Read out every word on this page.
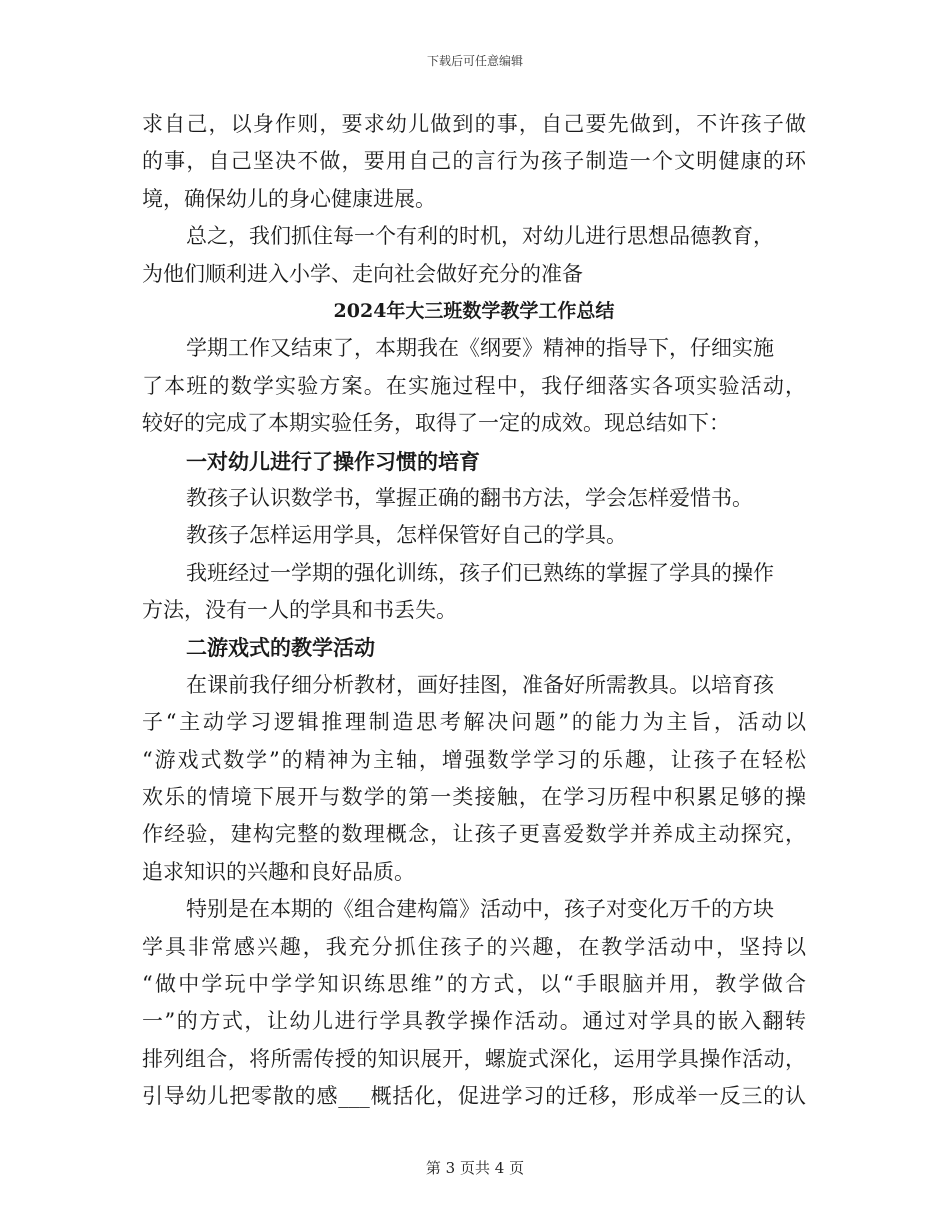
下载后可任意编辑
求自己，以身作则，要求幼儿做到的事，自己要先做到，不许孩子做
的事，自己坚决不做，要用自己的言行为孩子制造一个文明健康的环
境，确保幼儿的身心健康进展。
总之，我们抓住每一个有利的时机，对幼儿进行思想品德教育，
为他们顺利进入小学、走向社会做好充分的准备
2024年大三班数学教学工作总结
学期工作又结束了，本期我在《纲要》精神的指导下，仔细实施
了本班的数学实验方案。在实施过程中，我仔细落实各项实验活动，
较好的完成了本期实验任务，取得了一定的成效。现总结如下：
一对幼儿进行了操作习惯的培育
教孩子认识数学书，掌握正确的翻书方法，学会怎样爱惜书。
教孩子怎样运用学具，怎样保管好自己的学具。
我班经过一学期的强化训练，孩子们已熟练的掌握了学具的操作
方法，没有一人的学具和书丢失。
二游戏式的教学活动
在课前我仔细分析教材，画好挂图，准备好所需教具。以培育孩
子“主动学习逻辑推理制造思考解决问题”的能力为主旨，活动以
“游戏式数学”的精神为主轴，增强数学学习的乐趣，让孩子在轻松
欢乐的情境下展开与数学的第一类接触，在学习历程中积累足够的操
作经验，建构完整的数理概念，让孩子更喜爱数学并养成主动探究，
追求知识的兴趣和良好品质。
特别是在本期的《组合建构篇》活动中，孩子对变化万千的方块
学具非常感兴趣，我充分抓住孩子的兴趣，在教学活动中，坚持以
“做中学玩中学学知识练思维”的方式，以“手眼脑并用，教学做合
一”的方式，让幼儿进行学具教学操作活动。通过对学具的嵌入翻转
排列组合，将所需传授的知识展开，螺旋式深化，运用学具操作活动，
引导幼儿把零散的感___概括化，促进学习的迁移，形成举一反三的认
第 3 页共 4 页
